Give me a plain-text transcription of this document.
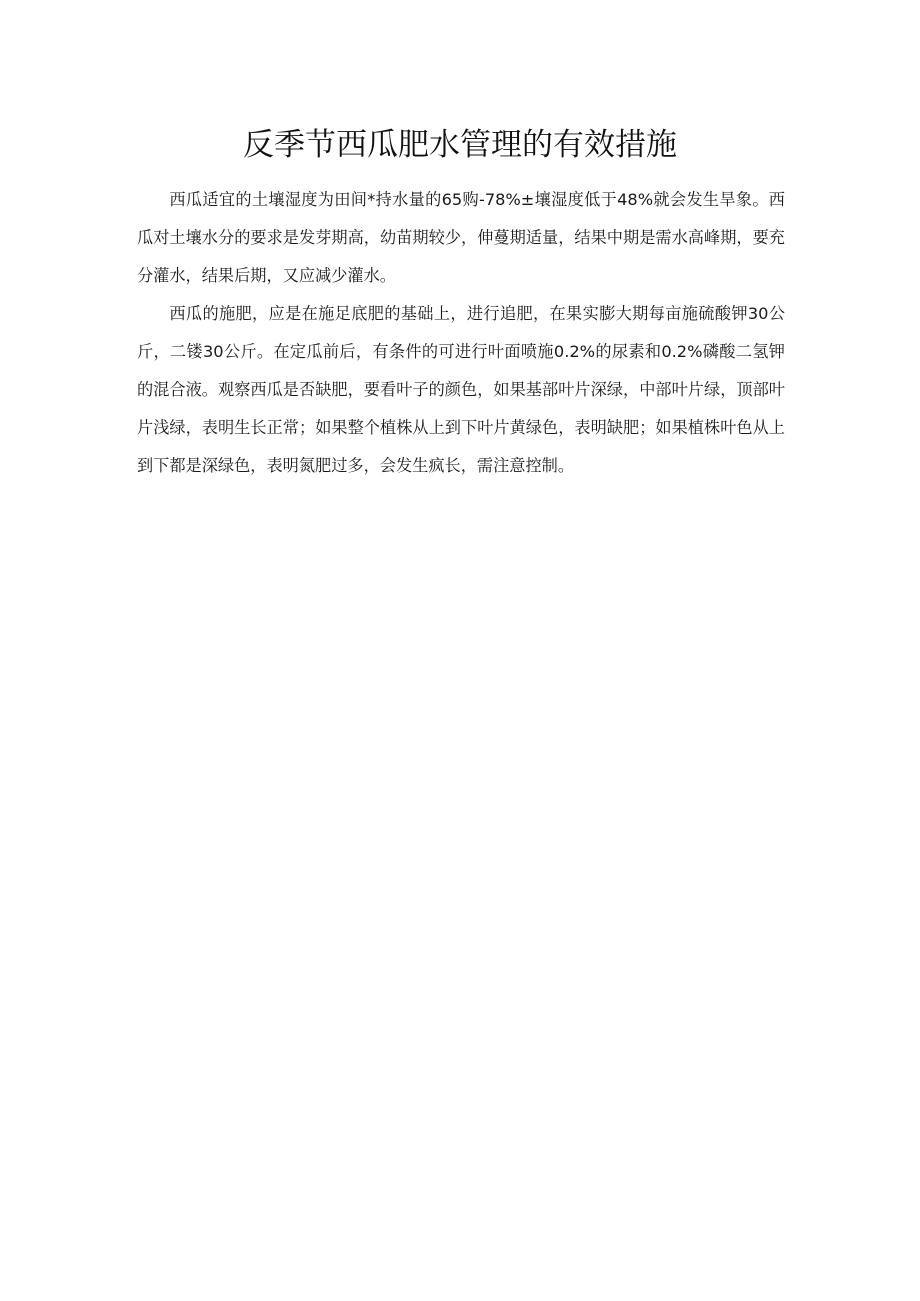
反季节西瓜肥水管理的有效措施

西瓜适宜的土壤湿度为田间*持水量的65购-78%±壤湿度低于48%就会发生旱象。西瓜对土壤水分的要求是发芽期高，幼苗期较少，伸蔓期适量，结果中期是需水高峰期，要充分灌水，结果后期，又应减少灌水。

西瓜的施肥，应是在施足底肥的基础上，进行追肥，在果实膨大期每亩施硫酸钾30公斤，二镂30公斤。在定瓜前后，有条件的可进行叶面喷施0.2%的尿素和0.2%磷酸二氢钾的混合液。观察西瓜是否缺肥，要看叶子的颜色，如果基部叶片深绿，中部叶片绿，顶部叶片浅绿，表明生长正常；如果整个植株从上到下叶片黄绿色，表明缺肥；如果植株叶色从上到下都是深绿色，表明氮肥过多，会发生疯长，需注意控制。
